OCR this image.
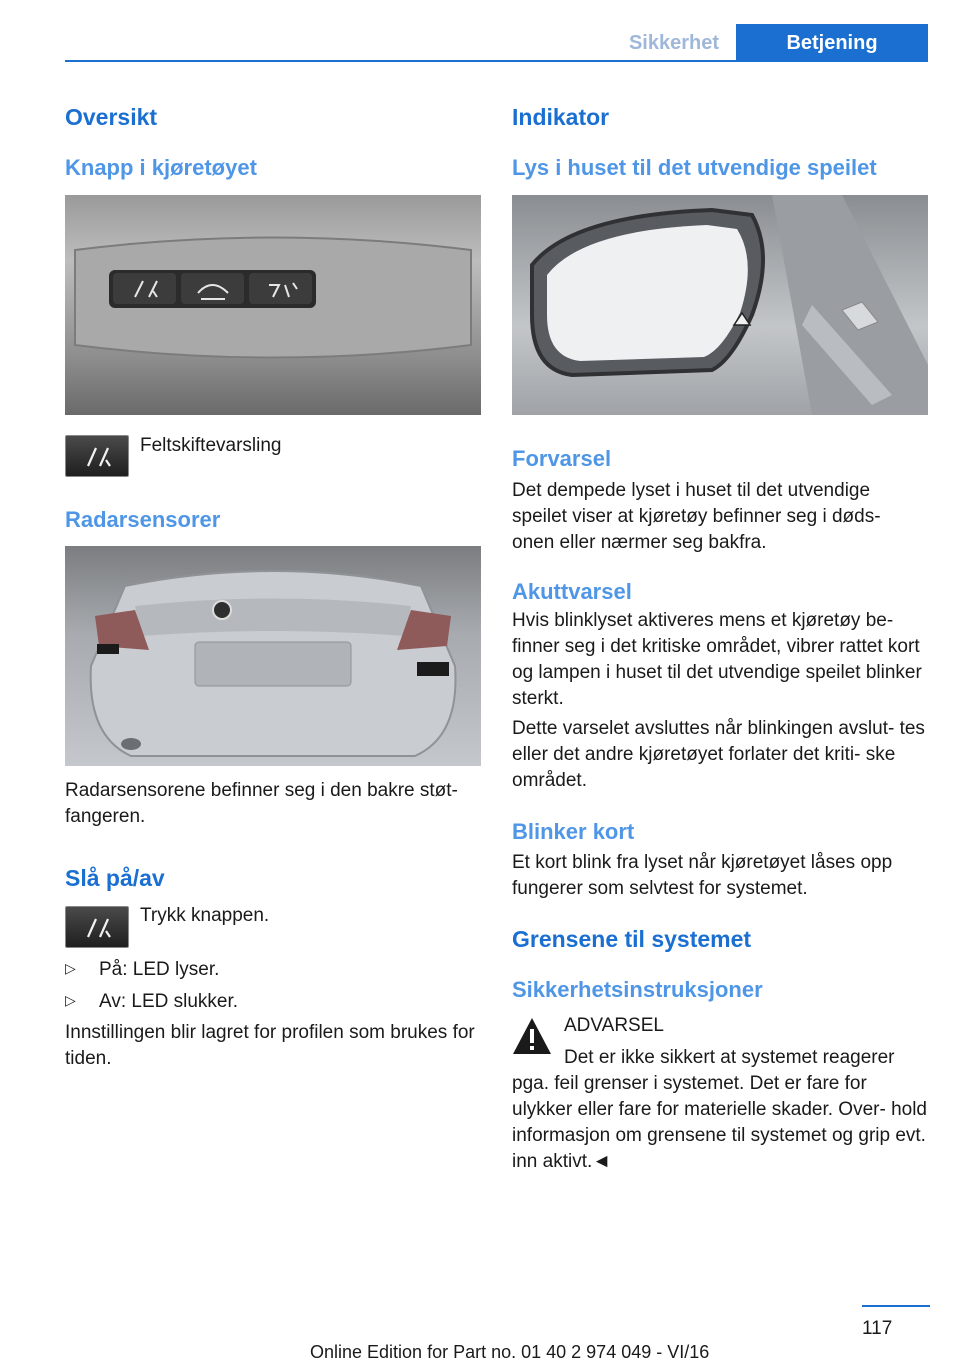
Sikkerhet	Betjening
Oversikt
Knapp i kjøretøyet
Feltskiftevarsling
Radarsensorer
Radarsensorene befinner seg i den bakre støt‐ fangeren.
Slå på/av
Trykk knappen.
▷ På: LED lyser.
▷ Av: LED slukker.
Innstillingen blir lagret for profilen som brukes for tiden.
Indikator
Lys i huset til det utvendige speilet
Forvarsel
Det dempede lyset i huset til det utvendige speilet viser at kjøretøy befinner seg i døds‐ onen eller nærmer seg bakfra.
Akuttvarsel
Hvis blinklyset aktiveres mens et kjøretøy be‐ finner seg i det kritiske området, vibrer rattet kort og lampen i huset til det utvendige speilet blinker sterkt.
Dette varselet avsluttes når blinkingen avslut‐ tes eller det andre kjøretøyet forlater det kriti‐ ske området.
Blinker kort
Et kort blink fra lyset når kjøretøyet låses opp fungerer som selvtest for systemet.
Grensene til systemet
Sikkerhetsinstruksjoner
ADVARSEL
Det er ikke sikkert at systemet reagerer pga. feil grenser i systemet. Det er fare for ulykker eller fare for materielle skader. Over‐ hold informasjon om grensene til systemet og grip evt. inn aktivt.◄
117
Online Edition for Part no. 01 40 2 974 049 - VI/16
